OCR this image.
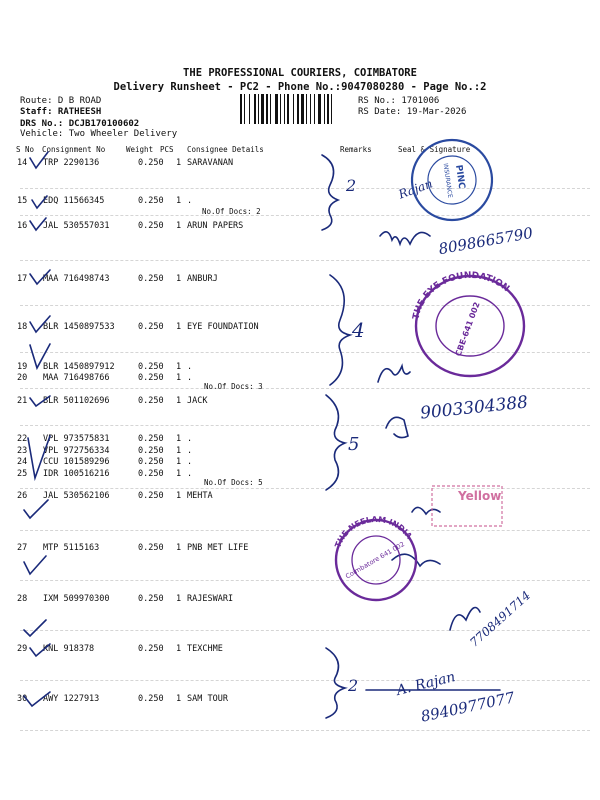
THE PROFESSIONAL COURIERS, COIMBATORE
Delivery Runsheet - PC2 - Phone No.:9047080280 - Page No.:2
Route: D B ROAD
Staff: RATHEESH
DRS No.: DCJB170100602
Vehicle: Two Wheeler Delivery
RS No.: 1701006
RS Date: 19-Mar-2026
S No Consignment No	Weight PCS Consignee Details	Remarks	Seal & Signature
14 TRP 2290136	0.250 1 SARAVANAN
15 EDQ 11566345	0.250 1 .
16 JAL 530557031	0.250 1 ARUN PAPERS
17 MAA 716498743	0.250 1 ANBURJ
18 BLR 1450897533	0.250 1 EYE FOUNDATION
19 BLR 1450897912	0.250 1 .
20 MAA 716498766	0.250 1 .
21 BLR 501102696	0.250 1 JACK
22 VPL 973575831	0.250 1 .
23 VPL 972756334	0.250 1 .
24 CCU 101589296	0.250 1 .
25 IDR 100516216	0.250 1 .
26 JAL 530562106	0.250 1 MEHTA
27 MTP 5115163	0.250 1 PNB MET LIFE
28 IXM 509970300	0.250 1 RAJESWARI
29 KNL 918378	0.250 1 TEXCHME
30 AWY 1227913	0.250 1 SAM TOUR
No.Of Docs: 2
No.Of Docs: 3
No.Of Docs: 5
2
4
5
2
Rajan
8098665790
9003304388
7708491714
A. Rajan
8940977077
PINC
INSURANCE
THE EYE FOUNDATION
CBE-641 002
THE NEELAM INDIA
Coimbatore 641 002
Yellow
